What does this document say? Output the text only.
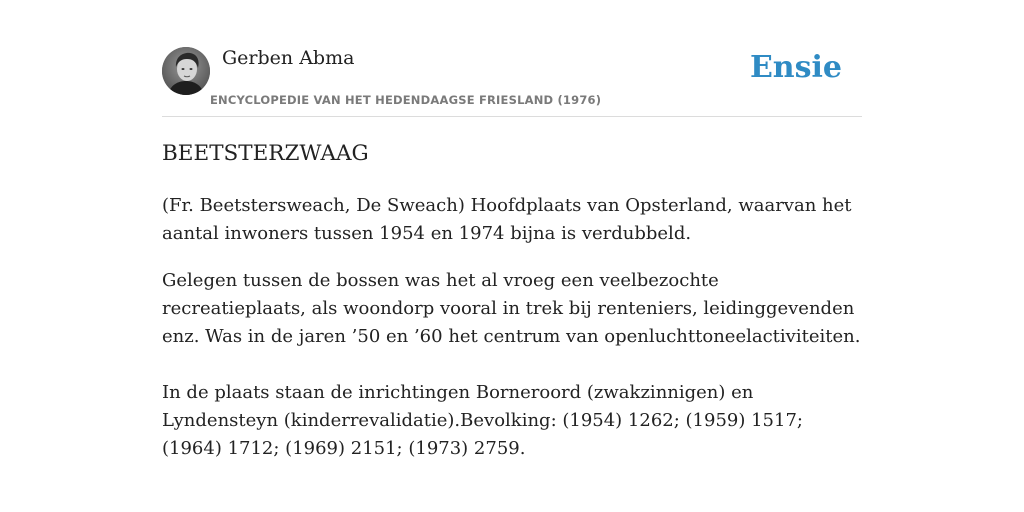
Gerben Abma
ENCYCLOPEDIE VAN HET HEDENDAAGSE FRIESLAND (1976)
Ensie
BEETSTERZWAAG

(Fr. Beetstersweach, De Sweach) Hoofdplaats van Opsterland, waarvan het aantal inwoners tussen 1954 en 1974 bijna is verdubbeld.

Gelegen tussen de bossen was het al vroeg een veelbezochte recreatieplaats, als woondorp vooral in trek bij renteniers, leidinggevenden enz. Was in de jaren ’50 en ’60 het centrum van openluchttoneelactiviteiten.

In de plaats staan de inrichtingen Borneroord (zwakzinnigen) en Lyndensteyn (kinderrevalidatie).Bevolking: (1954) 1262; (1959) 1517; (1964) 1712; (1969) 2151; (1973) 2759.
